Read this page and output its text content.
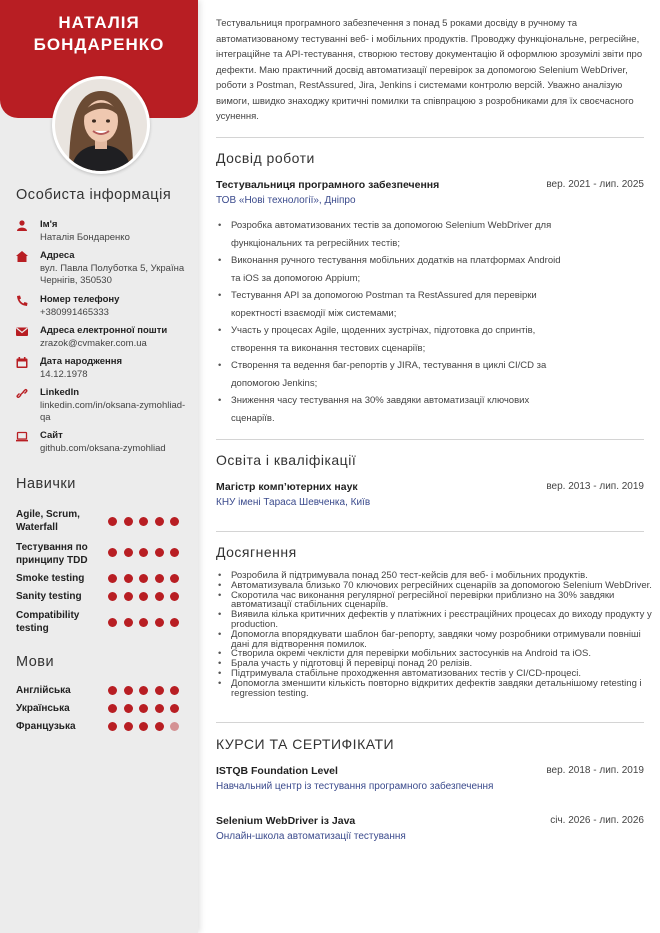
НАТАЛІЯ
БОНДАРЕНКО
Особиста інформація
Ім'я
Наталія Бондаренко
Адреса
вул. Павла Полуботка 5, Україна Чернігів, 350530
Номер телефону
+380991465333
Адреса електронної пошти
zrazok@cvmaker.com.ua
Дата народження
14.12.1978
LinkedIn
linkedin.com/in/oksana-zymohliad-qa
Сайт
github.com/oksana-zymohliad
Навички
Agile, Scrum, Waterfall
Тестування по принципу TDD
Smoke testing
Sanity testing
Compatibility testing
Мови
Англійська
Українська
Французька
Тестувальниця програмного забезпечення з понад 5 роками досвіду в ручному та автоматизованому тестуванні веб- і мобільних продуктів. Проводжу функціональне, регресійне, інтеграційне та API-тестування, створюю тестову документацію й оформлюю зрозумілі звіти про дефекти. Маю практичний досвід автоматизації перевірок за допомогою Selenium WebDriver, роботи з Postman, RestAssured, Jira, Jenkins і системами контролю версій. Уважно аналізую вимоги, швидко знаходжу критичні помилки та співпрацюю з розробниками для їх своєчасного усунення.
Досвід роботи
Тестувальниця програмного забезпечення	вер. 2021 - лип. 2025
ТОВ «Нові технології», Дніпро
• Розробка автоматизованих тестів за допомогою Selenium WebDriver для функціональних та регресійних тестів;
• Виконання ручного тестування мобільних додатків на платформах Android та iOS за допомогою Appium;
• Тестування API за допомогою Postman та RestAssured для перевірки коректності взаємодії між системами;
• Участь у процесах Agile, щоденних зустрічах, підготовка до спринтів, створення та виконання тестових сценаріїв;
• Створення та ведення баг-репортів у JIRA, тестування в циклі CI/CD за допомогою Jenkins;
• Зниження часу тестування на 30% завдяки автоматизації ключових сценаріїв.
Освіта і кваліфікації
Магістр комп’ютерних наук	вер. 2013 - лип. 2019
КНУ імені Тараса Шевченка, Київ
Досягнення
• Розробила й підтримувала понад 250 тест-кейсів для веб- і мобільних продуктів.
• Автоматизувала близько 70 ключових регресійних сценаріїв за допомогою Selenium WebDriver.
• Скоротила час виконання регулярної регресійної перевірки приблизно на 30% завдяки автоматизації стабільних сценаріїв.
• Виявила кілька критичних дефектів у платіжних і реєстраційних процесах до виходу продукту у production.
• Допомогла впорядкувати шаблон баг-репорту, завдяки чому розробники отримували повніші дані для відтворення помилок.
• Створила окремі чеклісти для перевірки мобільних застосунків на Android та iOS.
• Брала участь у підготовці й перевірці понад 20 релізів.
• Підтримувала стабільне проходження автоматизованих тестів у CI/CD-процесі.
• Допомогла зменшити кількість повторно відкритих дефектів завдяки детальнішому retesting і regression testing.
КУРСИ ТА СЕРТИФІКАТИ
ISTQB Foundation Level	вер. 2018 - лип. 2019
Навчальний центр із тестування програмного забезпечення
Selenium WebDriver із Java	січ. 2026 - лип. 2026
Онлайн-школа автоматизації тестування
